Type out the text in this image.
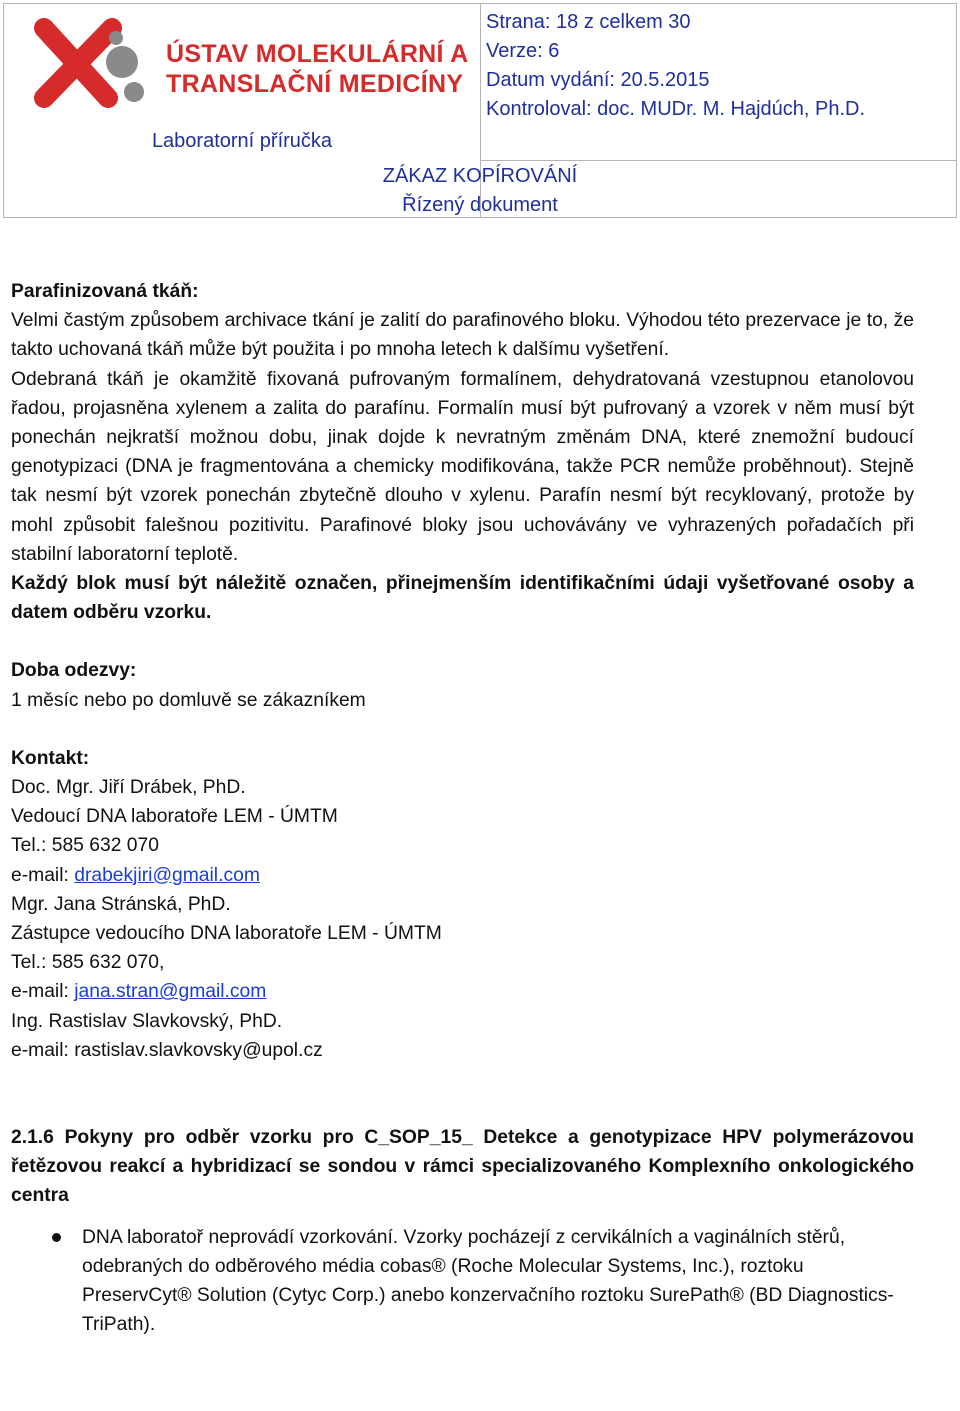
ÚSTAV MOLEKULÁRNÍ A
TRANSLAČNÍ MEDICÍNY
Laboratorní příručka
Strana: 18 z celkem 30
Verze: 6
Datum vydání: 20.5.2015
Kontroloval: doc. MUDr. M. Hajdúch, Ph.D.
ZÁKAZ KOPÍROVÁNÍ
Řízený dokument

Parafinizovaná tkáň:

Velmi častým způsobem archivace tkání je zalití do parafinového bloku. Výhodou této prezervace je to, že takto uchovaná tkáň může být použita i po mnoha letech k dalšímu vyšetření.

Odebraná tkáň je okamžitě fixovaná pufrovaným formalínem, dehydratovaná vzestupnou etanolovou řadou, projasněna xylenem a zalita do parafínu. Formalín musí být pufrovaný a vzorek v něm musí být ponechán nejkratší možnou dobu, jinak dojde k nevratným změnám DNA, které znemožní budoucí genotypizaci (DNA je fragmentována a chemicky modifikována, takže PCR nemůže proběhnout). Stejně tak nesmí být vzorek ponechán zbytečně dlouho v xylenu. Parafín nesmí být recyklovaný, protože by mohl způsobit falešnou pozitivitu. Parafinové bloky jsou uchovávány ve vyhrazených pořadačích při stabilní laboratorní teplotě.

Každý blok musí být náležitě označen, přinejmenším identifikačními údaji vyšetřované osoby a datem odběru vzorku.

Doba odezvy:

1 měsíc nebo po domluvě se zákazníkem

Kontakt:

Doc. Mgr. Jiří Drábek, PhD.

Vedoucí DNA laboratoře LEM - ÚMTM

Tel.: 585 632 070

e-mail: drabekjiri@gmail.com

Mgr. Jana Stránská, PhD.

Zástupce vedoucího DNA laboratoře LEM - ÚMTM

Tel.: 585 632 070,

e-mail: jana.stran@gmail.com

Ing. Rastislav Slavkovský, PhD.

e-mail: rastislav.slavkovsky@upol.cz

2.1.6 Pokyny pro odběr vzorku pro C_SOP_15_ Detekce a genotypizace HPV polymerázovou řetězovou reakcí a hybridizací se sondou v rámci specializovaného Komplexního onkologického centra

DNA laboratoř neprovádí vzorkování. Vzorky pocházejí z cervikálních a vaginálních stěrů, odebraných do odběrového média cobas® (Roche Molecular Systems, Inc.), roztoku PreservCyt® Solution (Cytyc Corp.) anebo konzervačního roztoku SurePath® (BD Diagnostics-TriPath).
